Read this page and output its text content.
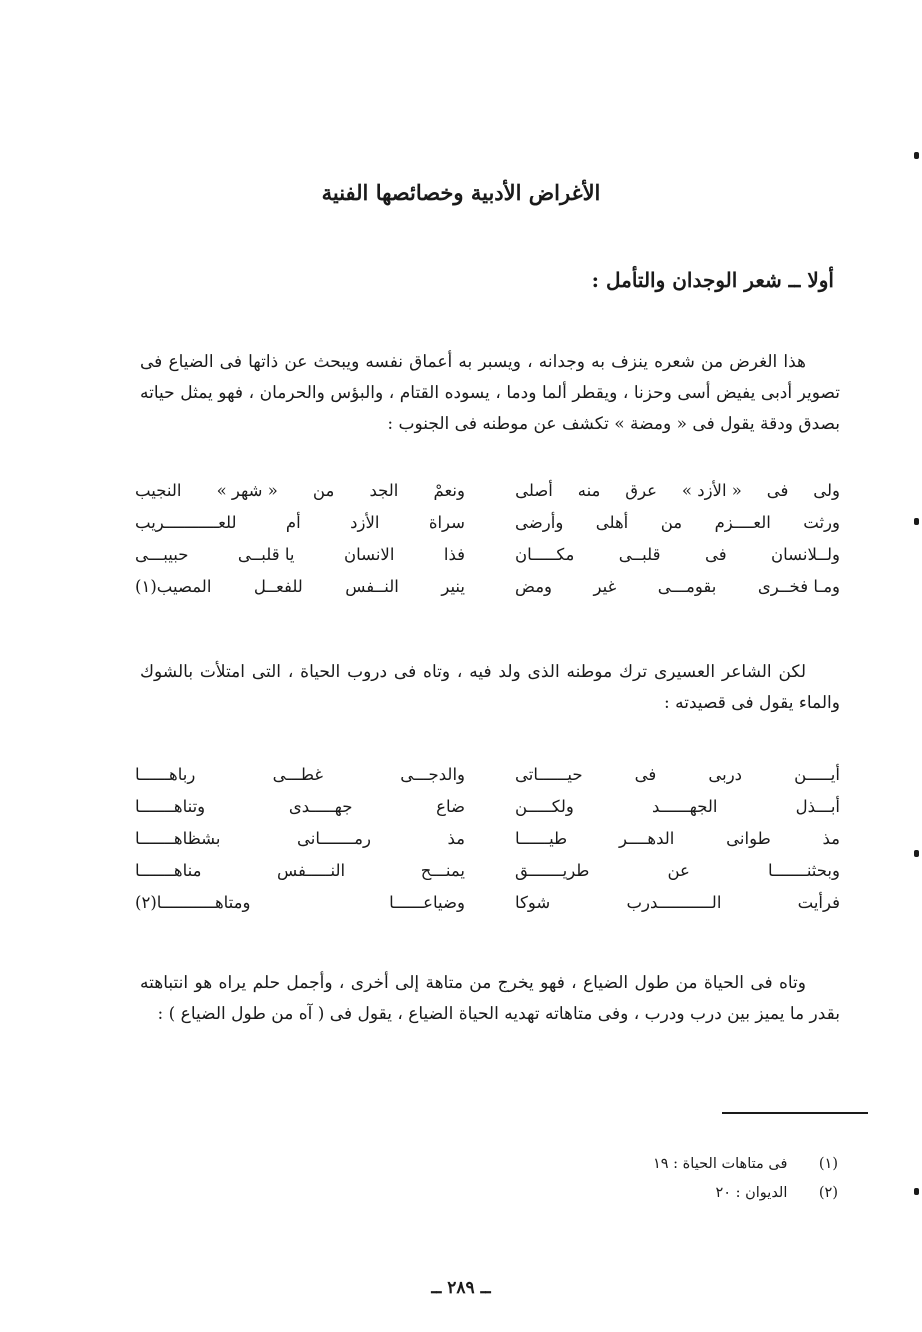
الأغراض الأدبية وخصائصها الفنية
أولا ــ شعر الوجدان والتأمل :

هذا الغرض من شعره ينزف به وجدانه ، ويسبر به أعماق نفسه ويبحث عن ذاتها فى الضياع فى تصوير أدبى يفيض أسى وحزنا ، ويقطر ألما ودما ، يسوده القتام ، والبؤس والحرمان ، فهو يمثل حياته بصدق ودقة يقول فى « ومضة » تكشف عن موطنه فى الجنوب :

ولى
فى
« الأزد »
عرق
منه
أصلى
ونعمْ
الجد
من
« شهر »
النجيب
ورثت
العــــزم
من
أهلى
وأرضى
سراة
الأزد
أم
للعـــــــــــريب
ولــلانسان
فى
قلبــى
مكـــــان
فذا
الانسان
يا قلبــى
حبيبـــى
ومـا فخــرى
بقومـــى
غير
ومض
ينير
النــفس
للفعــل
المصيب(١)

لكن الشاعر العسيرى ترك موطنه الذى ولد فيه ، وتاه فى دروب الحياة ، التى امتلأت بالشوك والماء يقول فى قصيدته :

أيـــــن
دربى
فى
حيــــــاتى
والدجـــى
غطـــى
رباهــــــا
أبـــذل
الجهــــــد
ولكـــــن
ضاع
جهـــــدى
وتناهـــــــا
مذ
طوانى
الدهــــر
طيــــــا
مذ
رمـــــــانى
بشظاهـــــــا
وبحثنـــــــا
عن
طريـــــــق
يمنـــح
النـــــفس
مناهـــــــا
فرأيت
الـــــــــــدرب
شوكا
وضياعــــــا
ومتاهـــــــــــا(٢)

وتاه فى الحياة من طول الضياع ، فهو يخرج من متاهة إلى أخرى ، وأجمل حلم يراه هو انتباهته بقدر ما يميز بين درب ودرب ، وفى متاهاته تهديه الحياة الضياع ، يقول فى ( آه من طول الضياع ) :

(١) فى متاهات الحياة : ١٩
(٢) الديوان : ٢٠
ــ ٢٨٩ ــ
